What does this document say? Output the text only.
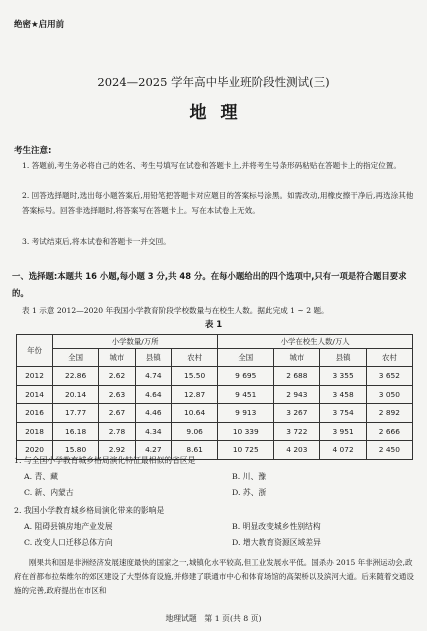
绝密★启用前
2024—2025 学年高中毕业班阶段性测试(三)
地理
考生注意:
1. 答题前,考生务必将自己的姓名、考生号填写在试卷和答题卡上,并将考生号条形码粘贴在答题卡上的指定位置。
2. 回答选择题时,选出每小题答案后,用铅笔把答题卡对应题目的答案标号涂黑。如需改动,用橡皮擦干净后,再选涂其他答案标号。回答非选择题时,将答案写在答题卡上。写在本试卷上无效。
3. 考试结束后,将本试卷和答题卡一并交回。
一、选择题:本题共 16 小题,每小题 3 分,共 48 分。在每小题给出的四个选项中,只有一项是符合题目要求的。
表 1 示意 2012—2020 年我国小学教育阶段学校数量与在校生人数。据此完成 1 ~ 2 题。
表 1
年份	小学数量/万所				小学在校生人数/万人			
	全国	城市	县镇	农村	全国	城市	县镇	农村
2012	22.86	2.62	4.74	15.50	9 695	2 688	3 355	3 652
2014	20.14	2.63	4.64	12.87	9 451	2 943	3 458	3 050
2016	17.77	2.67	4.46	10.64	9 913	3 267	3 754	2 892
2018	16.18	2.78	4.34	9.06	10 339	3 722	3 951	2 666
2020	15.80	2.92	4.27	8.61	10 725	4 203	4 072	2 450
1. 与全国小学教育城乡格局演化特征最相似的省区是
A. 青、藏	B. 川、豫
C. 新、内蒙古	D. 苏、浙
2. 我国小学教育城乡格局演化带来的影响是
A. 阻碍县镇房地产业发展	B. 明显改变城乡性别结构
C. 改变人口迁移总体方向	D. 增大教育资源区域差异
刚果共和国是非洲经济发展速度最快的国家之一,城镇化水平较高,但工业发展水平低。国杀办 2015 年非洲运动会,政府在首都布拉柴维尔的郊区建设了大型体育设施,并修建了联通市中心和体育场馆的高架桥以及滨河大道。后来随着交通设施的完善,政府提出在市区和
地理试题　第 1 页(共 8 页)
